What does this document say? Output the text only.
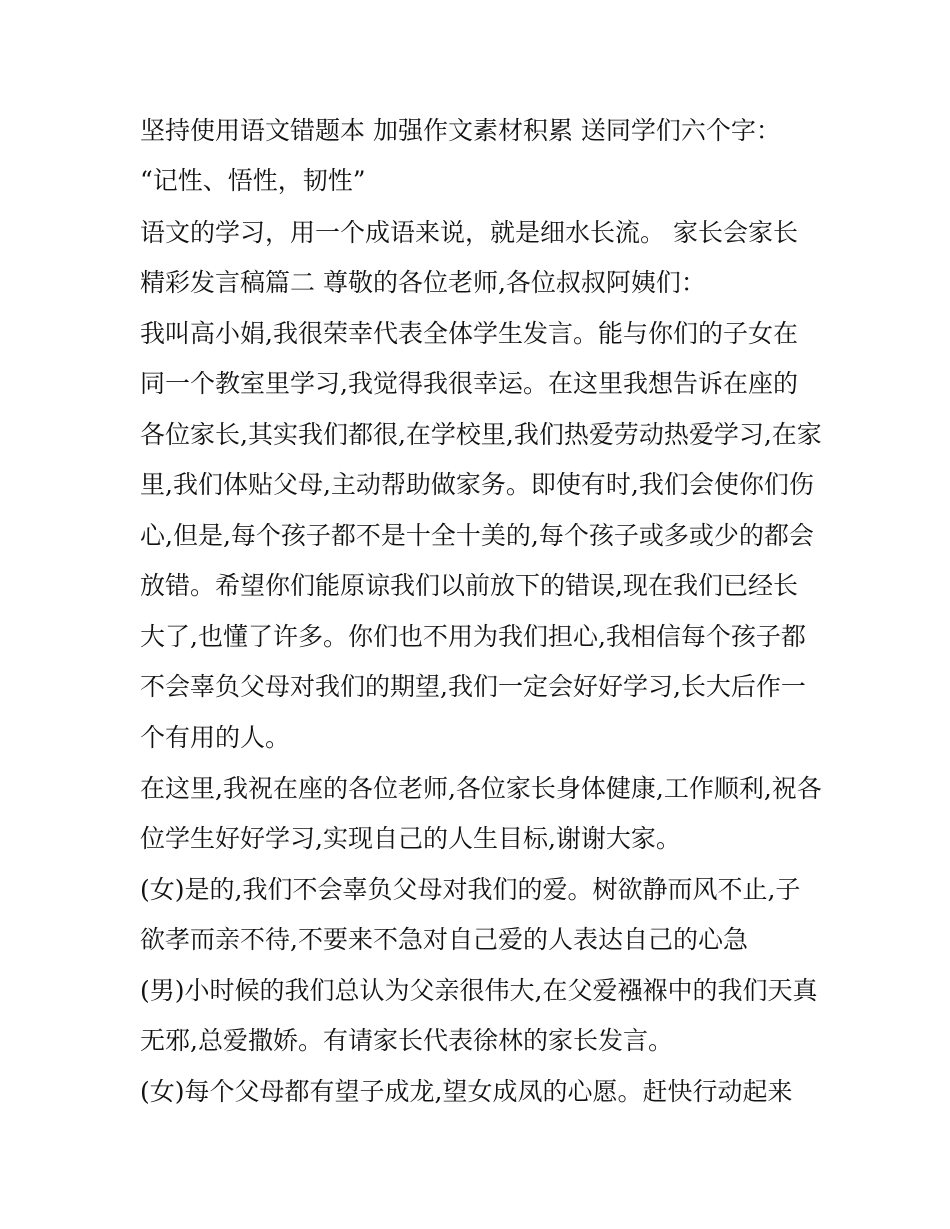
坚持使用语文错题本 加强作文素材积累 送同学们六个字：
“记性、悟性，韧性”
语文的学习，用一个成语来说，就是细水长流。 家长会家长
精彩发言稿篇二 尊敬的各位老师,各位叔叔阿姨们：
我叫高小娟,我很荣幸代表全体学生发言。能与你们的子女在
同一个教室里学习,我觉得我很幸运。在这里我想告诉在座的
各位家长,其实我们都很,在学校里,我们热爱劳动热爱学习,在家
里,我们体贴父母,主动帮助做家务。即使有时,我们会使你们伤
心,但是,每个孩子都不是十全十美的,每个孩子或多或少的都会
放错。希望你们能原谅我们以前放下的错误,现在我们已经长
大了,也懂了许多。你们也不用为我们担心,我相信每个孩子都
不会辜负父母对我们的期望,我们一定会好好学习,长大后作一
个有用的人。
在这里,我祝在座的各位老师,各位家长身体健康,工作顺利,祝各
位学生好好学习,实现自己的人生目标,谢谢大家。
(女)是的,我们不会辜负父母对我们的爱。树欲静而风不止,子
欲孝而亲不待,不要来不急对自己爱的人表达自己的心急
(男)小时候的我们总认为父亲很伟大,在父爱襁褓中的我们天真
无邪,总爱撒娇。有请家长代表徐林的家长发言。
(女)每个父母都有望子成龙,望女成凤的心愿。赶快行动起来
